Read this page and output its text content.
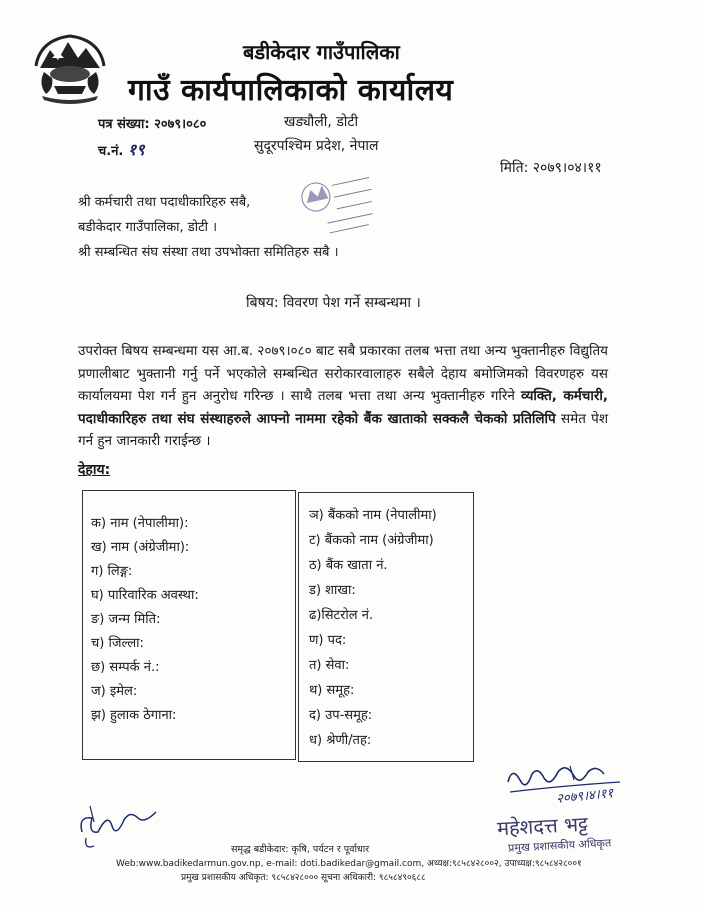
बडीकेदार गाउँपालिका
गाउँ कार्यपालिकाको कार्यालय
पत्र संख्या: २०७९।०८०
च.नं. १९
खड्यौली, डोटी
सुदूरपश्चिम प्रदेश, नेपाल
मिति: २०७९।०४।११
श्री कर्मचारी तथा पदाधीकारिहरु सबै,
बडीकेदार गाउँपालिका, डोटी ।
श्री सम्बन्धित संघ संस्था तथा उपभोक्ता समितिहरु सबै ।
बिषय: विवरण पेश गर्ने सम्बन्धमा ।
उपरोक्त बिषय सम्बन्धमा यस आ.ब. २०७९।०८० बाट सबै प्रकारका तलब भत्ता तथा अन्य भुक्तानीहरु विद्युतिय प्रणालीबाट भुक्तानी गर्नु पर्ने भएकोले सम्बन्धित सरोकारवालाहरु सबैले देहाय बमोजिमको विवरणहरु यस कार्यालयमा पेश गर्न हुन अनुरोध गरिन्छ । साथै तलब भत्ता तथा अन्य भुक्तानीहरु गरिने व्यक्ति, कर्मचारी, पदाधीकारिहरु तथा संघ संस्थाहरुले आफ्नो नाममा रहेको बैंक खाताको सक्कलै चेकको प्रतिलिपि समेत पेश गर्न हुन जानकारी गराईन्छ ।
देहाय:
क) नाम (नेपालीमा):
ख) नाम (अंग्रेजीमा):
ग) लिङ्ग:
घ) पारिवारिक अवस्था:
ङ) जन्म मिति:
च) जिल्ला:
छ) सम्पर्क नं.:
ज) इमेल:
झ) हुलाक ठेगाना:
ञ) बैंकको नाम (नेपालीमा)
ट) बैंकको नाम (अंग्रेजीमा)
ठ) बैंक खाता नं.
ड) शाखा:
ढ)सिटरोल नं.
ण) पद:
त) सेवा:
थ) समूह:
द) उप-समूह:
ध) श्रेणी/तह:
२०७९।४।११
महेशदत्त भट्ट
प्रमुख प्रशासकीय अधिकृत
समृद्ध बडीकेदार: कृषि, पर्यटन र पूर्वाधार
Web:www.badikedarmun.gov.np, e-mail: doti.badikedar@gmail.com, अध्यक्ष:९८५८४२८००२, उपाध्यक्ष:९८५८४२८००१
प्रमुख प्रशासकीय अधिकृत: ९८५८४२८००० सूचना अधिकारी: ९८५८४९०६८८
